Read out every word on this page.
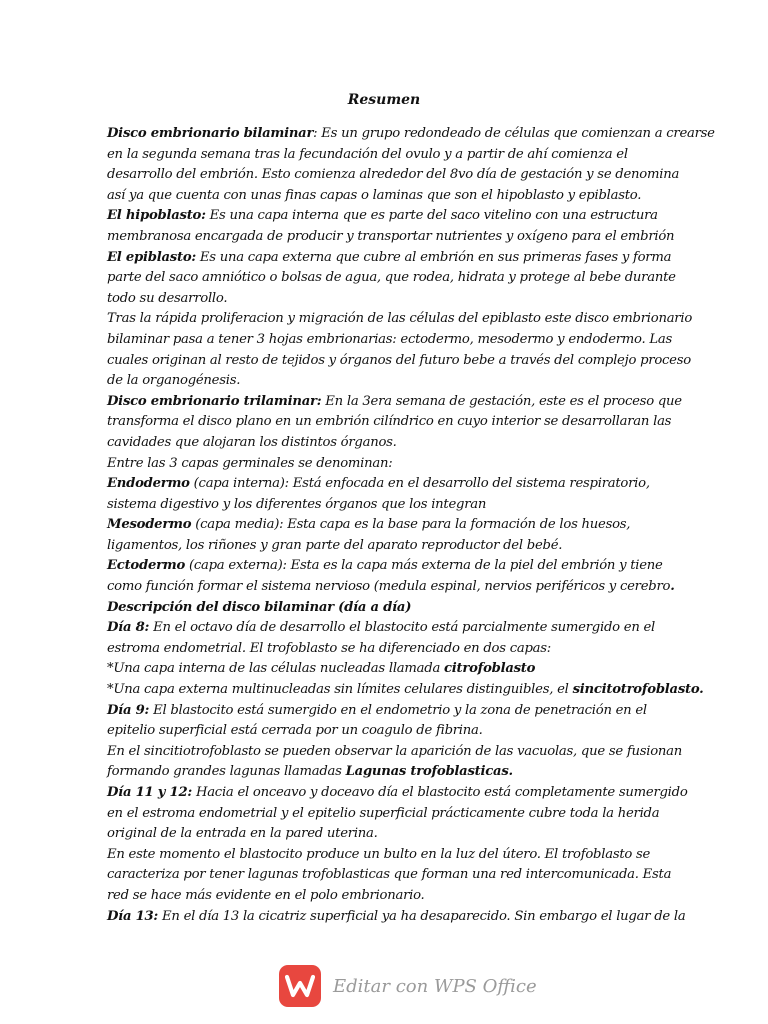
Resumen
Disco embrionario bilaminar: Es un grupo redondeado de células que comienzan a crearse
en la segunda semana tras la fecundación del ovulo y a partir de ahí comienza el
desarrollo del embrión. Esto comienza alrededor del 8vo día de gestación y se denomina
así ya que cuenta con unas finas capas o laminas que son el hipoblasto y epiblasto.
El hipoblasto: Es una capa interna que es parte del saco vitelino con una estructura
membranosa encargada de producir y transportar nutrientes y oxígeno para el embrión
El epiblasto: Es una capa externa que cubre al embrión en sus primeras fases y forma
parte del saco amniótico o bolsas de agua, que rodea, hidrata y protege al bebe durante
todo su desarrollo.
Tras la rápida proliferacion y migración de las células del epiblasto este disco embrionario
bilaminar pasa a tener 3 hojas embrionarias: ectodermo, mesodermo y endodermo. Las
cuales originan al resto de tejidos y órganos del futuro bebe a través del complejo proceso
de la organogénesis.
Disco embrionario trilaminar: En la 3era semana de gestación, este es el proceso que
transforma el disco plano en un embrión cilíndrico en cuyo interior se desarrollaran las
cavidades que alojaran los distintos órganos.
Entre las 3 capas germinales se denominan:
Endodermo (capa interna): Está enfocada en el desarrollo del sistema respiratorio,
sistema digestivo y los diferentes órganos que los integran
Mesodermo (capa media): Esta capa es la base para la formación de los huesos,
ligamentos, los riñones y gran parte del aparato reproductor del bebé.
Ectodermo (capa externa): Esta es la capa más externa de la piel del embrión y tiene
como función formar el sistema nervioso (medula espinal, nervios periféricos y cerebro.
Descripción del disco bilaminar (día a día)
Día 8: En el octavo día de desarrollo el blastocito está parcialmente sumergido en el
estroma endometrial. El trofoblasto se ha diferenciado en dos capas:
*Una capa interna de las células nucleadas llamada citrofoblasto
*Una capa externa multinucleadas sin límites celulares distinguibles, el sincitotrofoblasto.
Día 9: El blastocito está sumergido en el endometrio y la zona de penetración en el
epitelio superficial está cerrada por un coagulo de fibrina.
En el sincitiotrofoblasto se pueden observar la aparición de las vacuolas, que se fusionan
formando grandes lagunas llamadas Lagunas trofoblasticas.
Día 11 y 12: Hacia el onceavo y doceavo día el blastocito está completamente sumergido
en el estroma endometrial y el epitelio superficial prácticamente cubre toda la herida
original de la entrada en la pared uterina.
En este momento el blastocito produce un bulto en la luz del útero. El trofoblasto se
caracteriza por tener lagunas trofoblasticas que forman una red intercomunicada. Esta
red se hace más evidente en el polo embrionario.
Día 13: En el día 13 la cicatriz superficial ya ha desaparecido. Sin embargo el lugar de la
Editar con WPS Office
